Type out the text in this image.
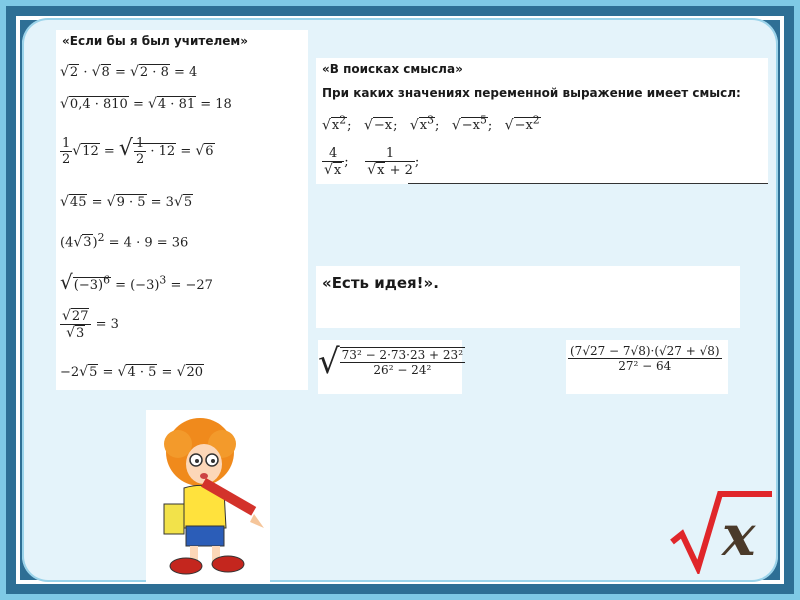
«Если бы я был учителем»
√2 · √8 = √2 · 8 = 4
√0,4 · 810 = √4 · 81 = 18
$\frac{1}{2} √12$ = √ $\frac{1}{2} \cdot 12 = √6$
√45 = √9 · 5 = 3√5
$(4√3)^2 = 4 \cdot 9 = 36$
$√(-3)^6 = (-3)^3 = -27$
$\frac{√27}{√3} = 3$
−2√5 = √4 · 5 = √20
«В поисках смысла»
При каких значениях переменной выражение имеет смысл:
$√x^2$;   √−x;   $√x^3$;   $√-x^5$;   $√-x^2$
$\frac{4}{√x}$ ; $\frac{1}{√x + 2}$ ;
«Есть идея!».
√ $\frac{\text{73² − 2·73·23 + 23²}}{\text{26² − 24²}}$	$\frac{(7√27 - 7√8)\cdot(√27 + √8)}{\text{27² − 64}}$
x
